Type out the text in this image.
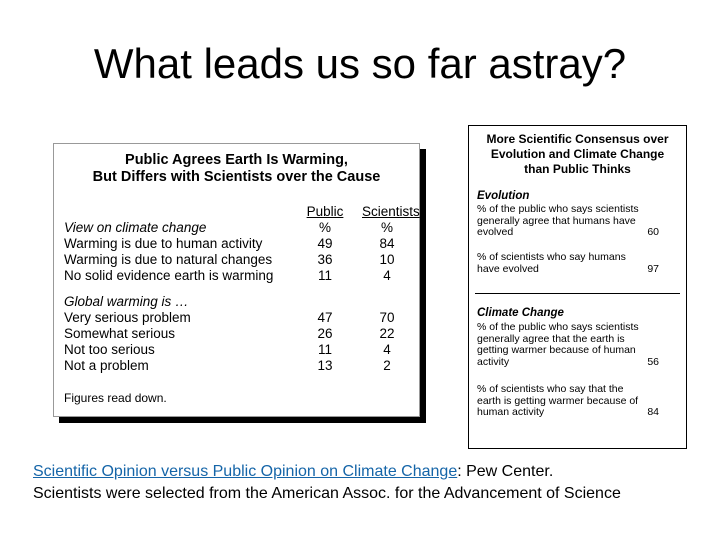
What leads us so far astray?
Public Agrees Earth Is Warming,
But Differs with Scientists over the Cause
Public Scientists
View on climate change	%	%
Warming is due to human activity	49	84
Warming is due to natural changes	36	10
No solid evidence earth is warming	11	4
Global warming is …
Very serious problem	47	70
Somewhat serious	26	22
Not too serious	11	4
Not a problem	13	2
Figures read down.
More Scientific Consensus over
Evolution and Climate Change
than Public Thinks
Evolution
% of the public who says scientists generally agree that humans have evolved	60
% of scientists who say humans have evolved	97
Climate Change
% of the public who says scientists generally agree that the earth is getting warmer because of human activity	56
% of scientists who say that the earth is getting warmer because of human activity	84
Scientific Opinion versus Public Opinion on Climate Change: Pew Center.
Scientists were selected from the American Assoc. for the Advancement of Science
